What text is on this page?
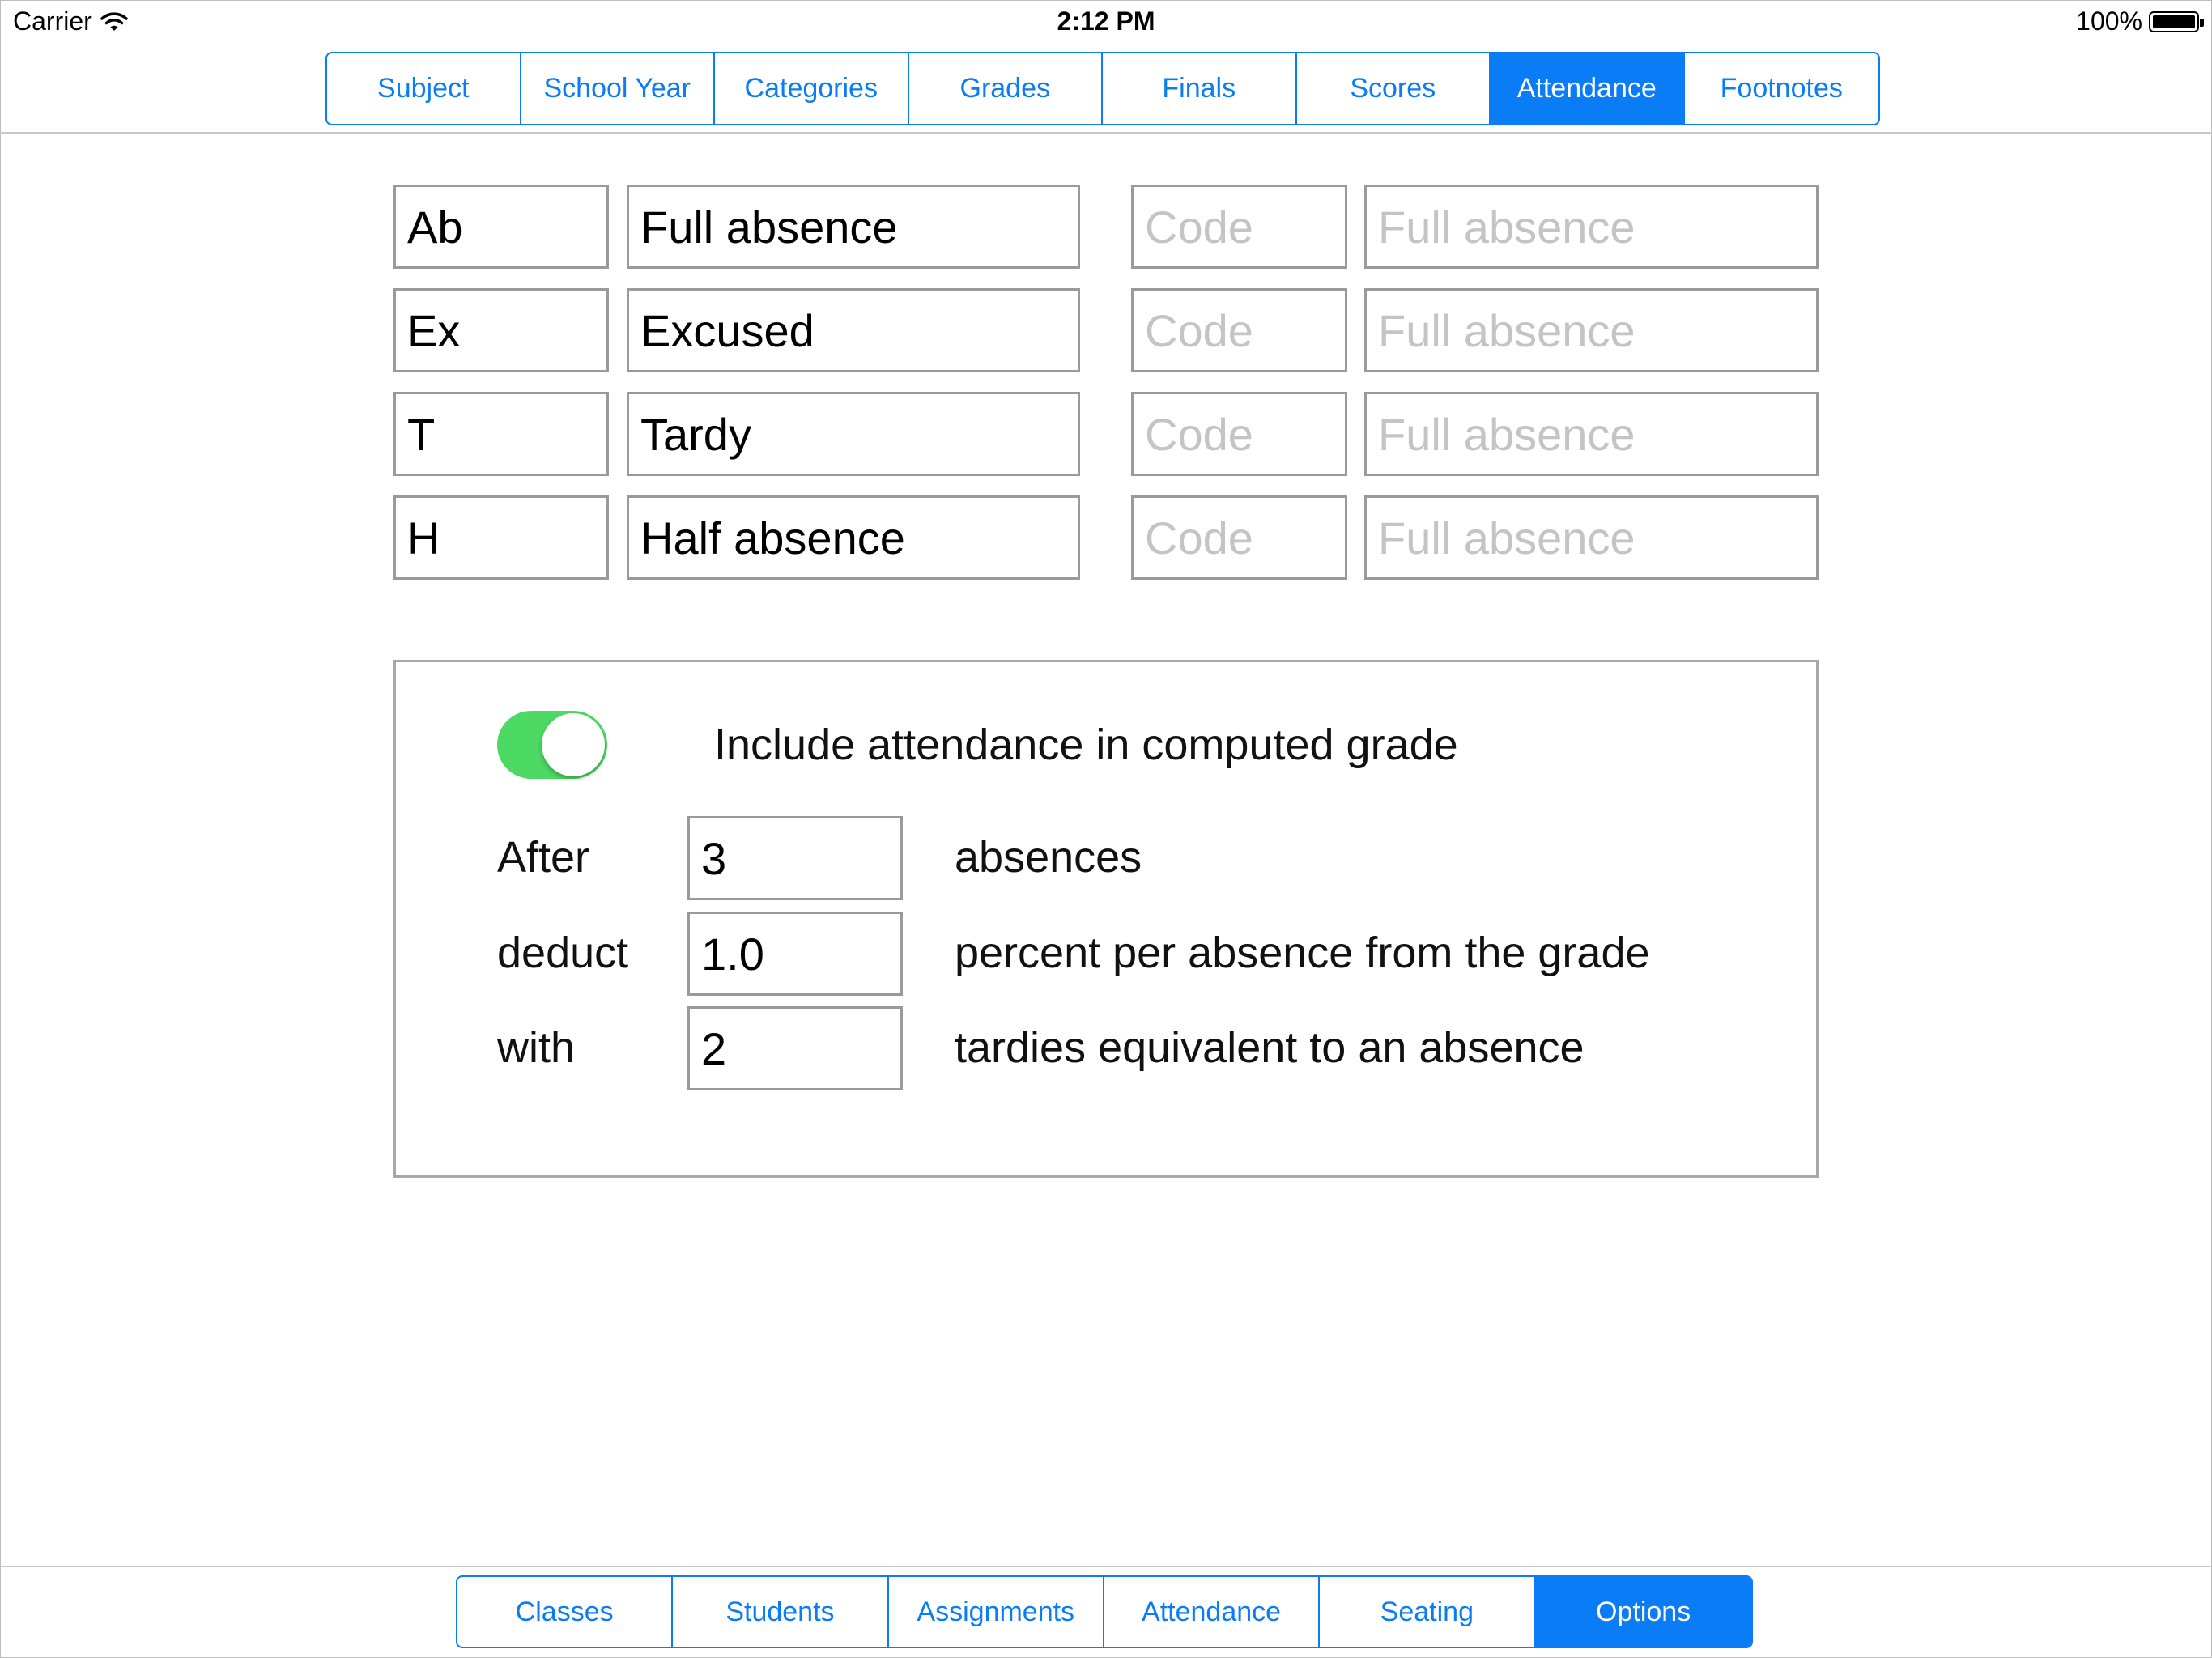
Carrier	2:12 PM	100%
Subject	School Year	Categories	Grades	Finals	Scores	Attendance	Footnotes
Ab	Full absence	Code	Full absence
Ex	Excused	Code	Full absence
T	Tardy	Code	Full absence
H	Half absence	Code	Full absence
Include attendance in computed grade
After	3	absences
deduct	1.0	percent per absence from the grade
with	2	tardies equivalent to an absence
Classes	Students	Assignments	Attendance	Seating	Options
